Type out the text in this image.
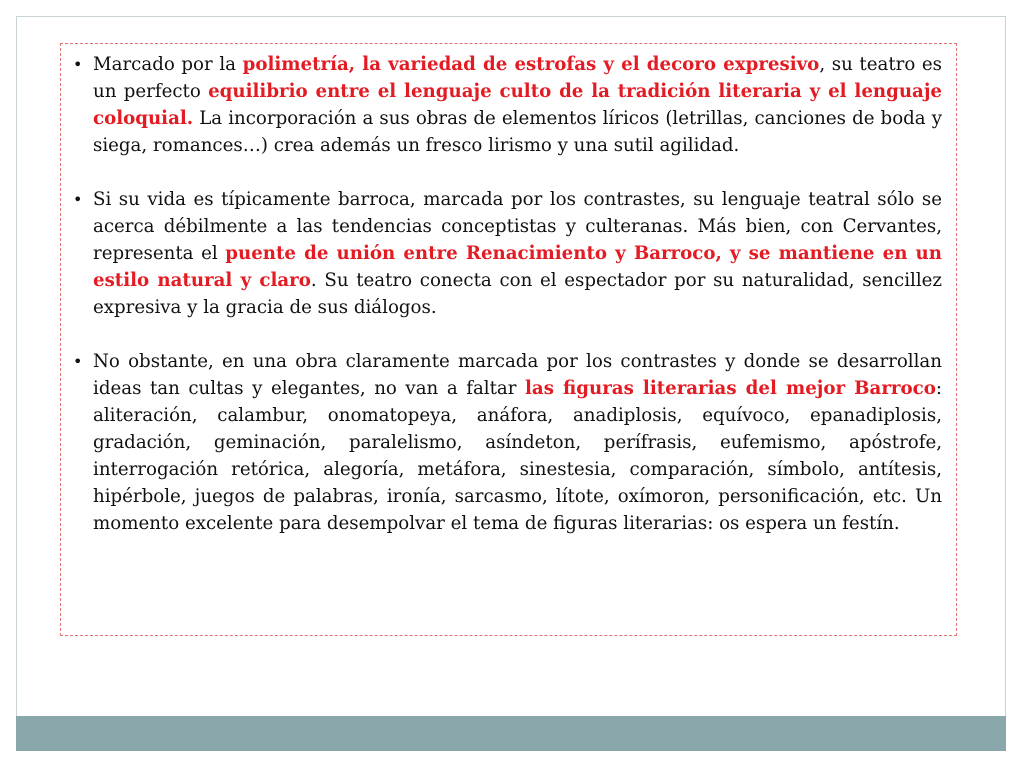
• Marcado por la polimetría, la variedad de estrofas y el decoro expresivo, su teatro es un perfecto equilibrio entre el lenguaje culto de la tradición literaria y el lenguaje coloquial. La incorporación a sus obras de elementos líricos (letrillas, canciones de boda y siega, romances…) crea además un fresco lirismo y una sutil agilidad.
• Si su vida es típicamente barroca, marcada por los contrastes, su lenguaje teatral sólo se acerca débilmente a las tendencias conceptistas y culteranas. Más bien, con Cervantes, representa el puente de unión entre Renacimiento y Barroco, y se mantiene en un estilo natural y claro. Su teatro conecta con el espectador por su naturalidad, sencillez expresiva y la gracia de sus diálogos.
• No obstante, en una obra claramente marcada por los contrastes y donde se desarrollan ideas tan cultas y elegantes, no van a faltar las figuras literarias del mejor Barroco: aliteración, calambur, onomatopeya, anáfora, anadiplosis, equívoco, epanadiplosis, gradación, geminación, paralelismo, asíndeton, perífrasis, eufemismo, apóstrofe, interrogación retórica, alegoría, metáfora, sinestesia, comparación, símbolo, antítesis, hipérbole, juegos de palabras, ironía, sarcasmo, lítote, oxímoron, personificación, etc. Un momento excelente para desempolvar el tema de figuras literarias: os espera un festín.
